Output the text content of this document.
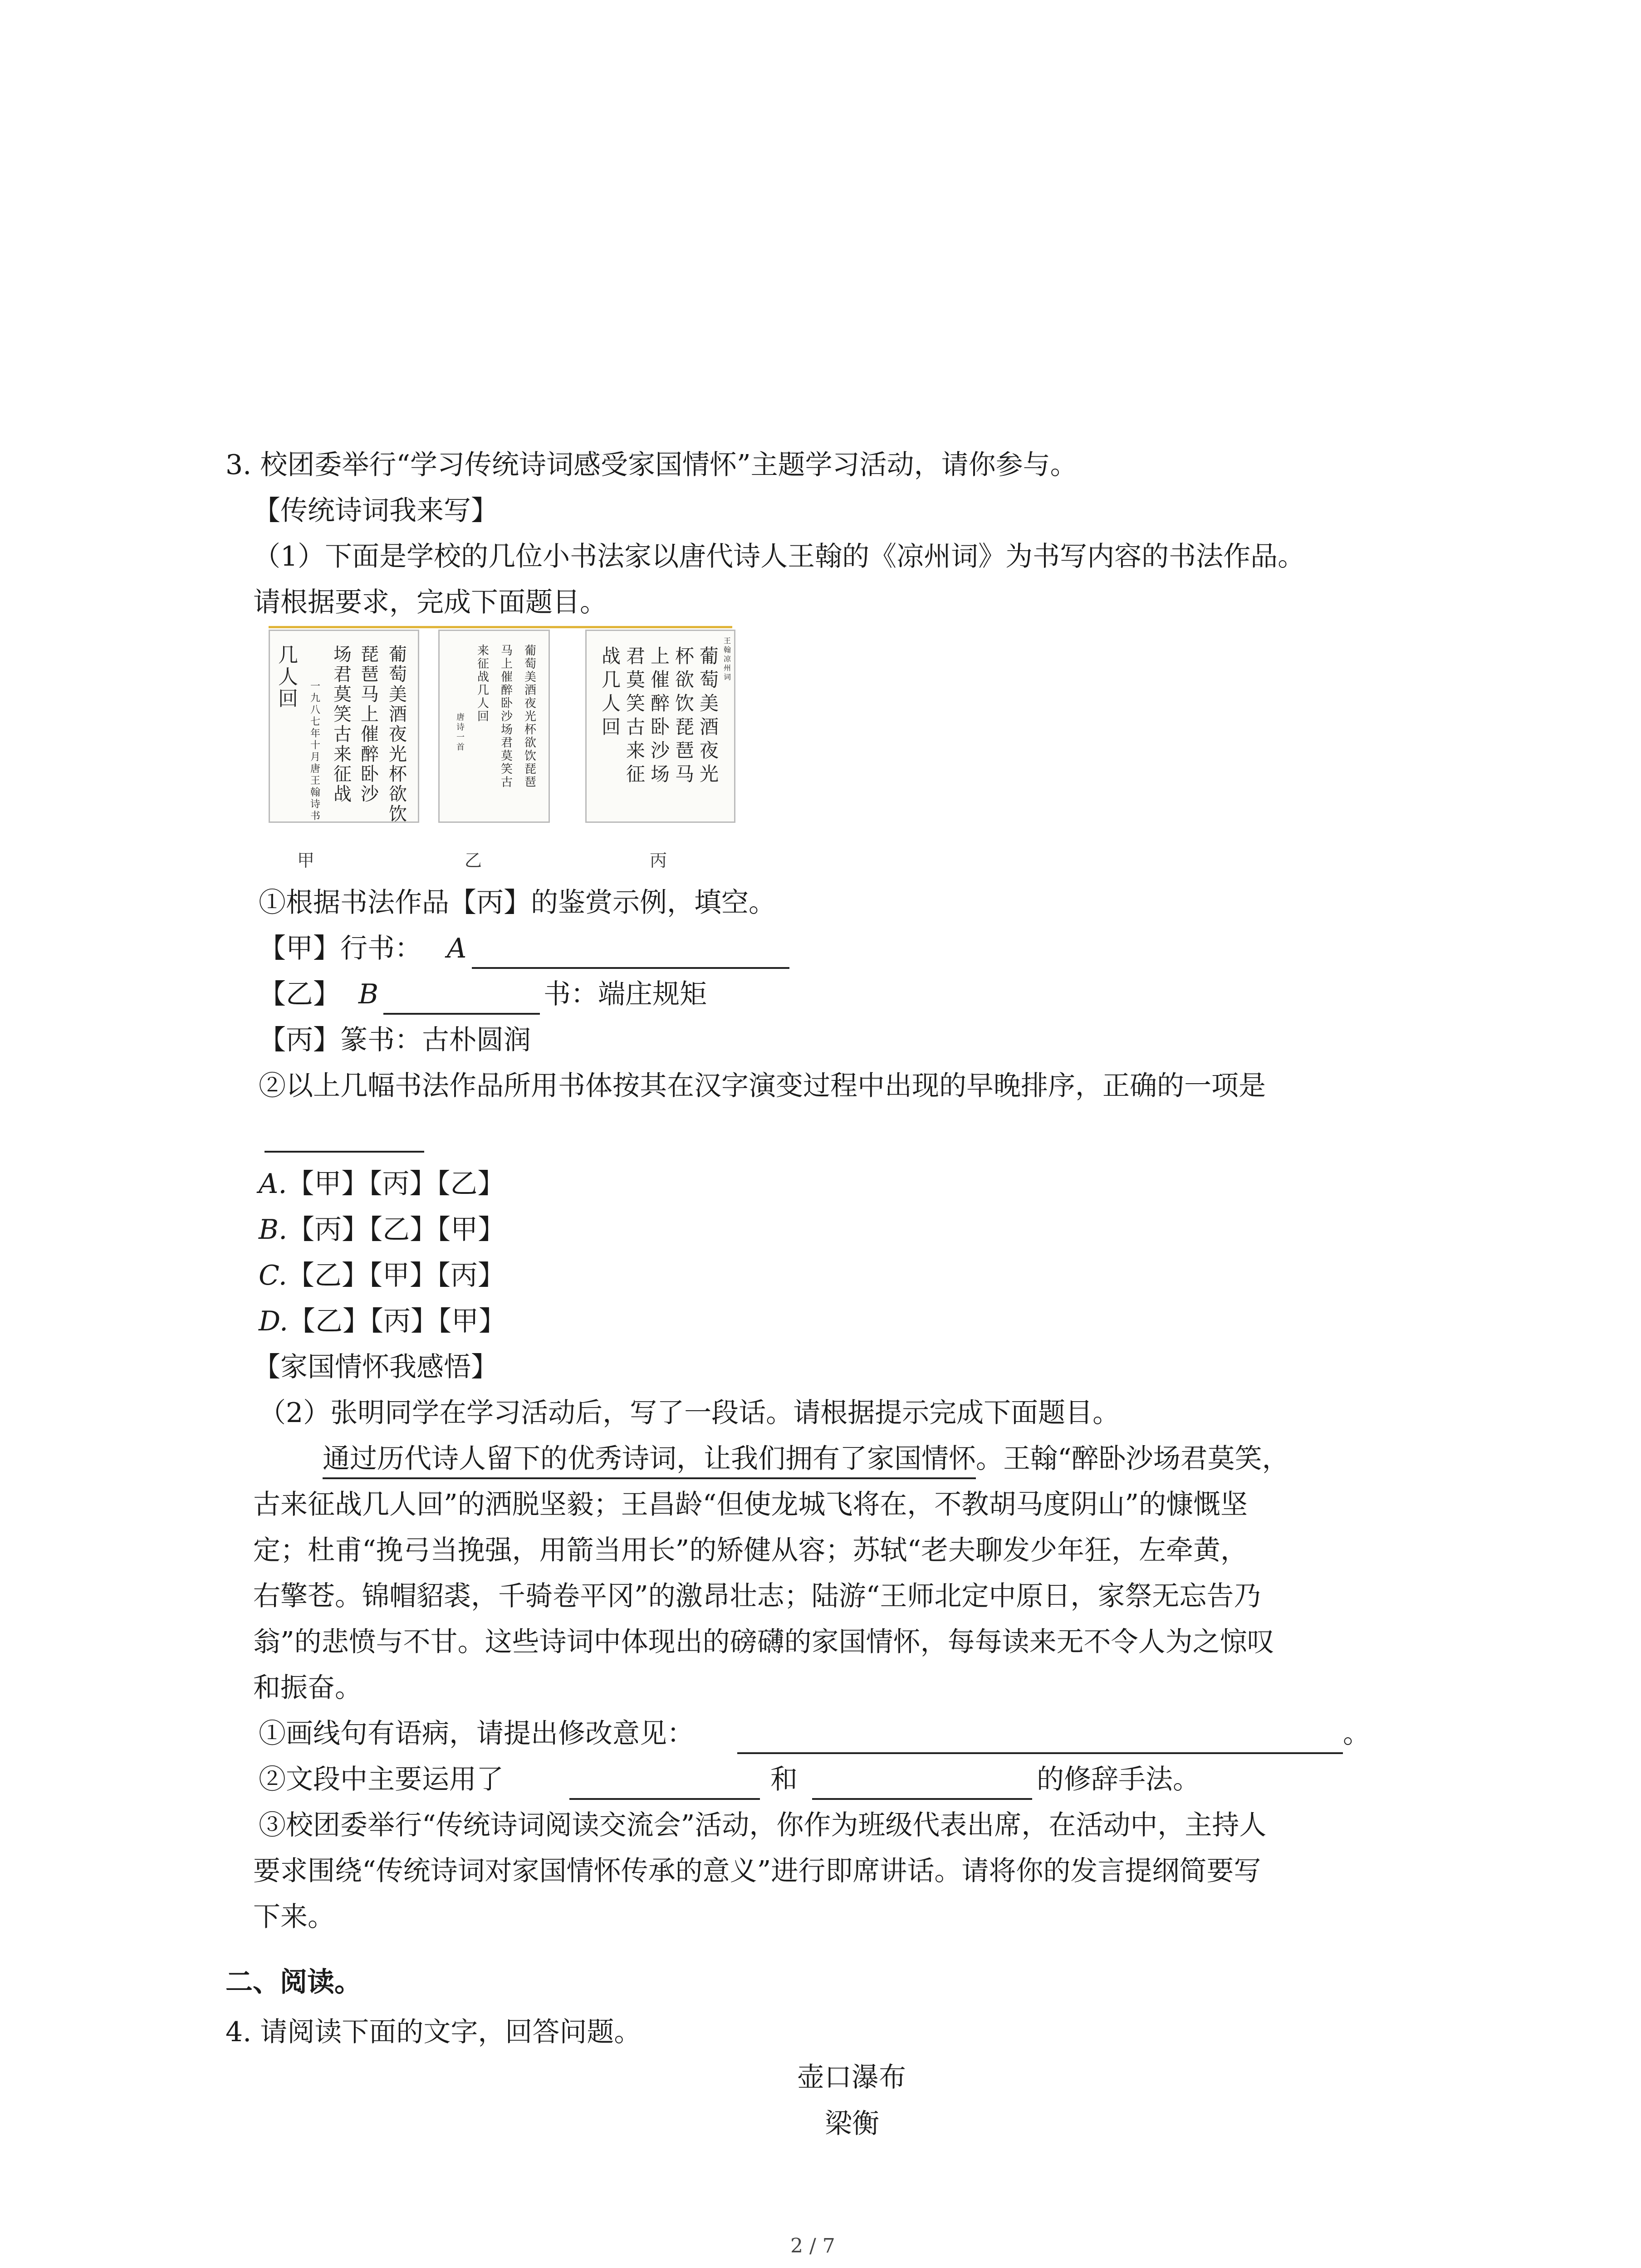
3. 校团委举行“学习传统诗词感受家国情怀”主题学习活动，请你参与。
【传统诗词我来写】
（1）下面是学校的几位小书法家以唐代诗人王翰的《凉州词》为书写内容的书法作品。
请根据要求，完成下面题目。
葡
萄
美
酒
夜
光
杯
欲
饮
琵
琶
马
上
催
醉
卧
沙
场
君
莫
笑
古
来
征
战
几
人
回
一
九
八
七
年
十
月
唐
王
翰
诗
书
葡
萄
美
酒
夜
光
杯
欲
饮
琵
琶
马
上
催
醉
卧
沙
场
君
莫
笑
古
来
征
战
几
人
回
唐
诗
一
首
葡
萄
美
酒
夜
光
杯
欲
饮
琵
琶
马
上
催
醉
卧
沙
场
君
莫
笑
古
来
征
战
几
人
回
王
翰
凉
州
词
甲	乙	丙
①根据书法作品【丙】的鉴赏示例，填空。
【甲】行书： A
【乙】 B	书：端庄规矩
【丙】篆书：古朴圆润
②以上几幅书法作品所用书体按其在汉字演变过程中出现的早晚排序，正确的一项是
A.【甲】【丙】【乙】
B.【丙】【乙】【甲】
C.【乙】【甲】【丙】
D.【乙】【丙】【甲】
【家国情怀我感悟】
（2）张明同学在学习活动后，写了一段话。请根据提示完成下面题目。
通过历代诗人留下的优秀诗词，让我们拥有了家国情怀。王翰“醉卧沙场君莫笑，
古来征战几人回”的洒脱坚毅；王昌龄“但使龙城飞将在，不教胡马度阴山”的慷慨坚
定；杜甫“挽弓当挽强，用箭当用长”的矫健从容；苏轼“老夫聊发少年狂，左牵黄，
右擎苍。锦帽貂裘，千骑卷平冈”的激昂壮志；陆游“王师北定中原日，家祭无忘告乃
翁”的悲愤与不甘。这些诗词中体现出的磅礴的家国情怀，每每读来无不令人为之惊叹
和振奋。
①画线句有语病，请提出修改意见：	。
②文段中主要运用了	和	的修辞手法。
③校团委举行“传统诗词阅读交流会”活动，你作为班级代表出席，在活动中，主持人
要求围绕“传统诗词对家国情怀传承的意义”进行即席讲话。请将你的发言提纲简要写
下来。
二、阅读。
4. 请阅读下面的文字，回答问题。
壶口瀑布
梁衡
2 / 7
